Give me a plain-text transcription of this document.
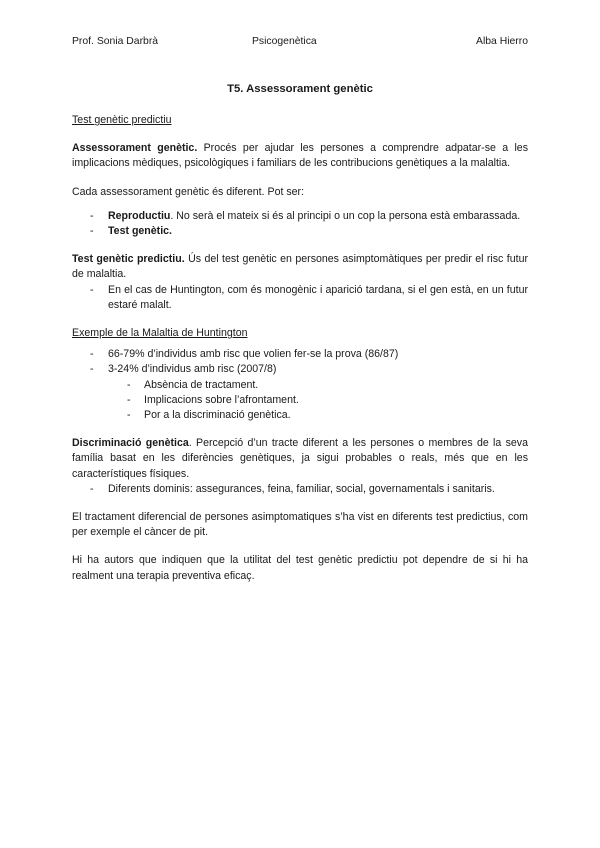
Prof. Sonia Darbrà	Psicogenètica	Alba Hierro
T5. Assessorament genètic
Test genètic predictiu

Assessorament genètic. Procés per ajudar les persones a comprendre adpatar-se a les implicacions mèdiques, psicològiques i familiars de les contribucions genètiques a la malaltia.

Cada assessorament genètic és diferent. Pot ser:

- Reproductiu. No serà el mateix si és al principi o un cop la persona està embarassada.
- Test genètic.

Test genètic predictiu. Ús del test genètic en persones asimptomàtiques per predir el risc futur de malaltia.

- En el cas de Huntington, com és monogènic i aparició tardana, si el gen està, en un futur estaré malalt.
Exemple de la Malaltia de Huntington
- 66-79% d’individus amb risc que volien fer-se la prova (86/87)
- 3-24% d’individus amb risc (2007/8)
- Absència de tractament.
- Implicacions sobre l’afrontament.
- Por a la discriminació genètica.

Discriminació genètica. Percepció d’un tracte diferent a les persones o membres de la seva família basat en les diferències genètiques, ja sigui probables o reals, més que en les característiques físiques.

- Diferents dominis: assegurances, feina, familiar, social, governamentals i sanitaris.

El tractament diferencial de persones asimptomatiques s’ha vist en diferents test predictius, com per exemple el càncer de pit.

Hi ha autors que indiquen que la utilitat del test genètic predictiu pot dependre de si hi ha realment una terapia preventiva eficaç.
